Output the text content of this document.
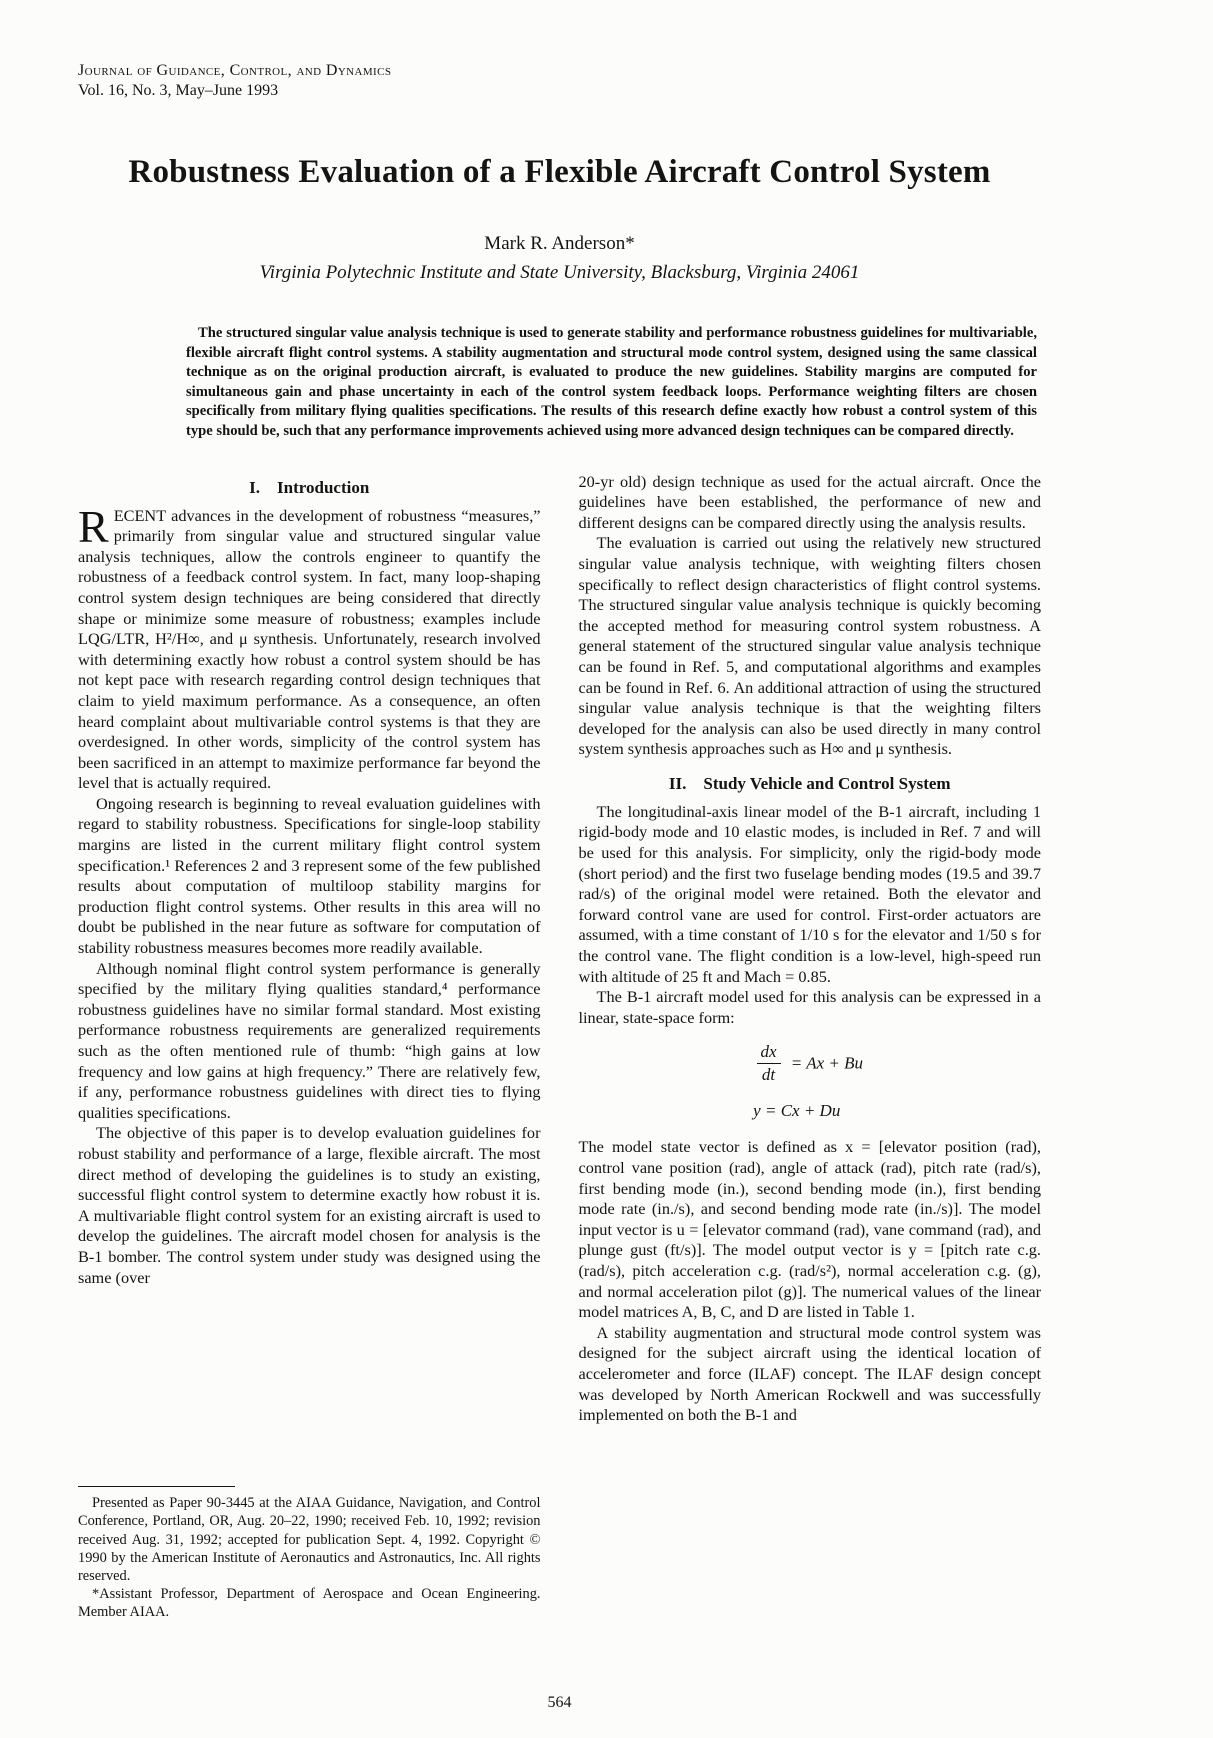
Journal of Guidance, Control, and Dynamics
Vol. 16, No. 3, May–June 1993
Robustness Evaluation of a Flexible Aircraft Control System
Mark R. Anderson*
Virginia Polytechnic Institute and State University, Blacksburg, Virginia 24061

The structured singular value analysis technique is used to generate stability and performance robustness guidelines for multivariable, flexible aircraft flight control systems. A stability augmentation and structural mode control system, designed using the same classical technique as on the original production aircraft, is evaluated to produce the new guidelines. Stability margins are computed for simultaneous gain and phase uncertainty in each of the control system feedback loops. Performance weighting filters are chosen specifically from military flying qualities specifications. The results of this research define exactly how robust a control system of this type should be, such that any performance improvements achieved using more advanced design techniques can be compared directly.

I. Introduction

RECENT advances in the development of robustness “measures,” primarily from singular value and structured singular value analysis techniques, allow the controls engineer to quantify the robustness of a feedback control system. In fact, many loop-shaping control system design techniques are being considered that directly shape or minimize some measure of robustness; examples include LQG/LTR, H²/H∞, and μ synthesis. Unfortunately, research involved with determining exactly how robust a control system should be has not kept pace with research regarding control design techniques that claim to yield maximum performance. As a consequence, an often heard complaint about multivariable control systems is that they are overdesigned. In other words, simplicity of the control system has been sacrificed in an attempt to maximize performance far beyond the level that is actually required.

Ongoing research is beginning to reveal evaluation guidelines with regard to stability robustness. Specifications for single-loop stability margins are listed in the current military flight control system specification.¹ References 2 and 3 represent some of the few published results about computation of multiloop stability margins for production flight control systems. Other results in this area will no doubt be published in the near future as software for computation of stability robustness measures becomes more readily available.

Although nominal flight control system performance is generally specified by the military flying qualities standard,⁴ performance robustness guidelines have no similar formal standard. Most existing performance robustness requirements are generalized requirements such as the often mentioned rule of thumb: “high gains at low frequency and low gains at high frequency.” There are relatively few, if any, performance robustness guidelines with direct ties to flying qualities specifications.

The objective of this paper is to develop evaluation guidelines for robust stability and performance of a large, flexible aircraft. The most direct method of developing the guidelines is to study an existing, successful flight control system to determine exactly how robust it is. A multivariable flight control system for an existing aircraft is used to develop the guidelines. The aircraft model chosen for analysis is the B-1 bomber. The control system under study was designed using the same (over

Presented as Paper 90-3445 at the AIAA Guidance, Navigation, and Control Conference, Portland, OR, Aug. 20–22, 1990; received Feb. 10, 1992; revision received Aug. 31, 1992; accepted for publication Sept. 4, 1992. Copyright © 1990 by the American Institute of Aeronautics and Astronautics, Inc. All rights reserved.

*Assistant Professor, Department of Aerospace and Ocean Engineering. Member AIAA.

20-yr old) design technique as used for the actual aircraft. Once the guidelines have been established, the performance of new and different designs can be compared directly using the analysis results.

The evaluation is carried out using the relatively new structured singular value analysis technique, with weighting filters chosen specifically to reflect design characteristics of flight control systems. The structured singular value analysis technique is quickly becoming the accepted method for measuring control system robustness. A general statement of the structured singular value analysis technique can be found in Ref. 5, and computational algorithms and examples can be found in Ref. 6. An additional attraction of using the structured singular value analysis technique is that the weighting filters developed for the analysis can also be used directly in many control system synthesis approaches such as H∞ and μ synthesis.

II. Study Vehicle and Control System

The longitudinal-axis linear model of the B-1 aircraft, including 1 rigid-body mode and 10 elastic modes, is included in Ref. 7 and will be used for this analysis. For simplicity, only the rigid-body mode (short period) and the first two fuselage bending modes (19.5 and 39.7 rad/s) of the original model were retained. Both the elevator and forward control vane are used for control. First-order actuators are assumed, with a time constant of 1/10 s for the elevator and 1/50 s for the control vane. The flight condition is a low-level, high-speed run with altitude of 25 ft and Mach = 0.85.

The B-1 aircraft model used for this analysis can be expressed in a linear, state-space form:

$\frac{dx}{dt} = Ax + Bu$
y = Cx + Du

The model state vector is defined as x = [elevator position (rad), control vane position (rad), angle of attack (rad), pitch rate (rad/s), first bending mode (in.), second bending mode (in.), first bending mode rate (in./s), and second bending mode rate (in./s)]. The model input vector is u = [elevator command (rad), vane command (rad), and plunge gust (ft/s)]. The model output vector is y = [pitch rate c.g. (rad/s), pitch acceleration c.g. (rad/s²), normal acceleration c.g. (g), and normal acceleration pilot (g)]. The numerical values of the linear model matrices A, B, C, and D are listed in Table 1.

A stability augmentation and structural mode control system was designed for the subject aircraft using the identical location of accelerometer and force (ILAF) concept. The ILAF design concept was developed by North American Rockwell and was successfully implemented on both the B-1 and

564
